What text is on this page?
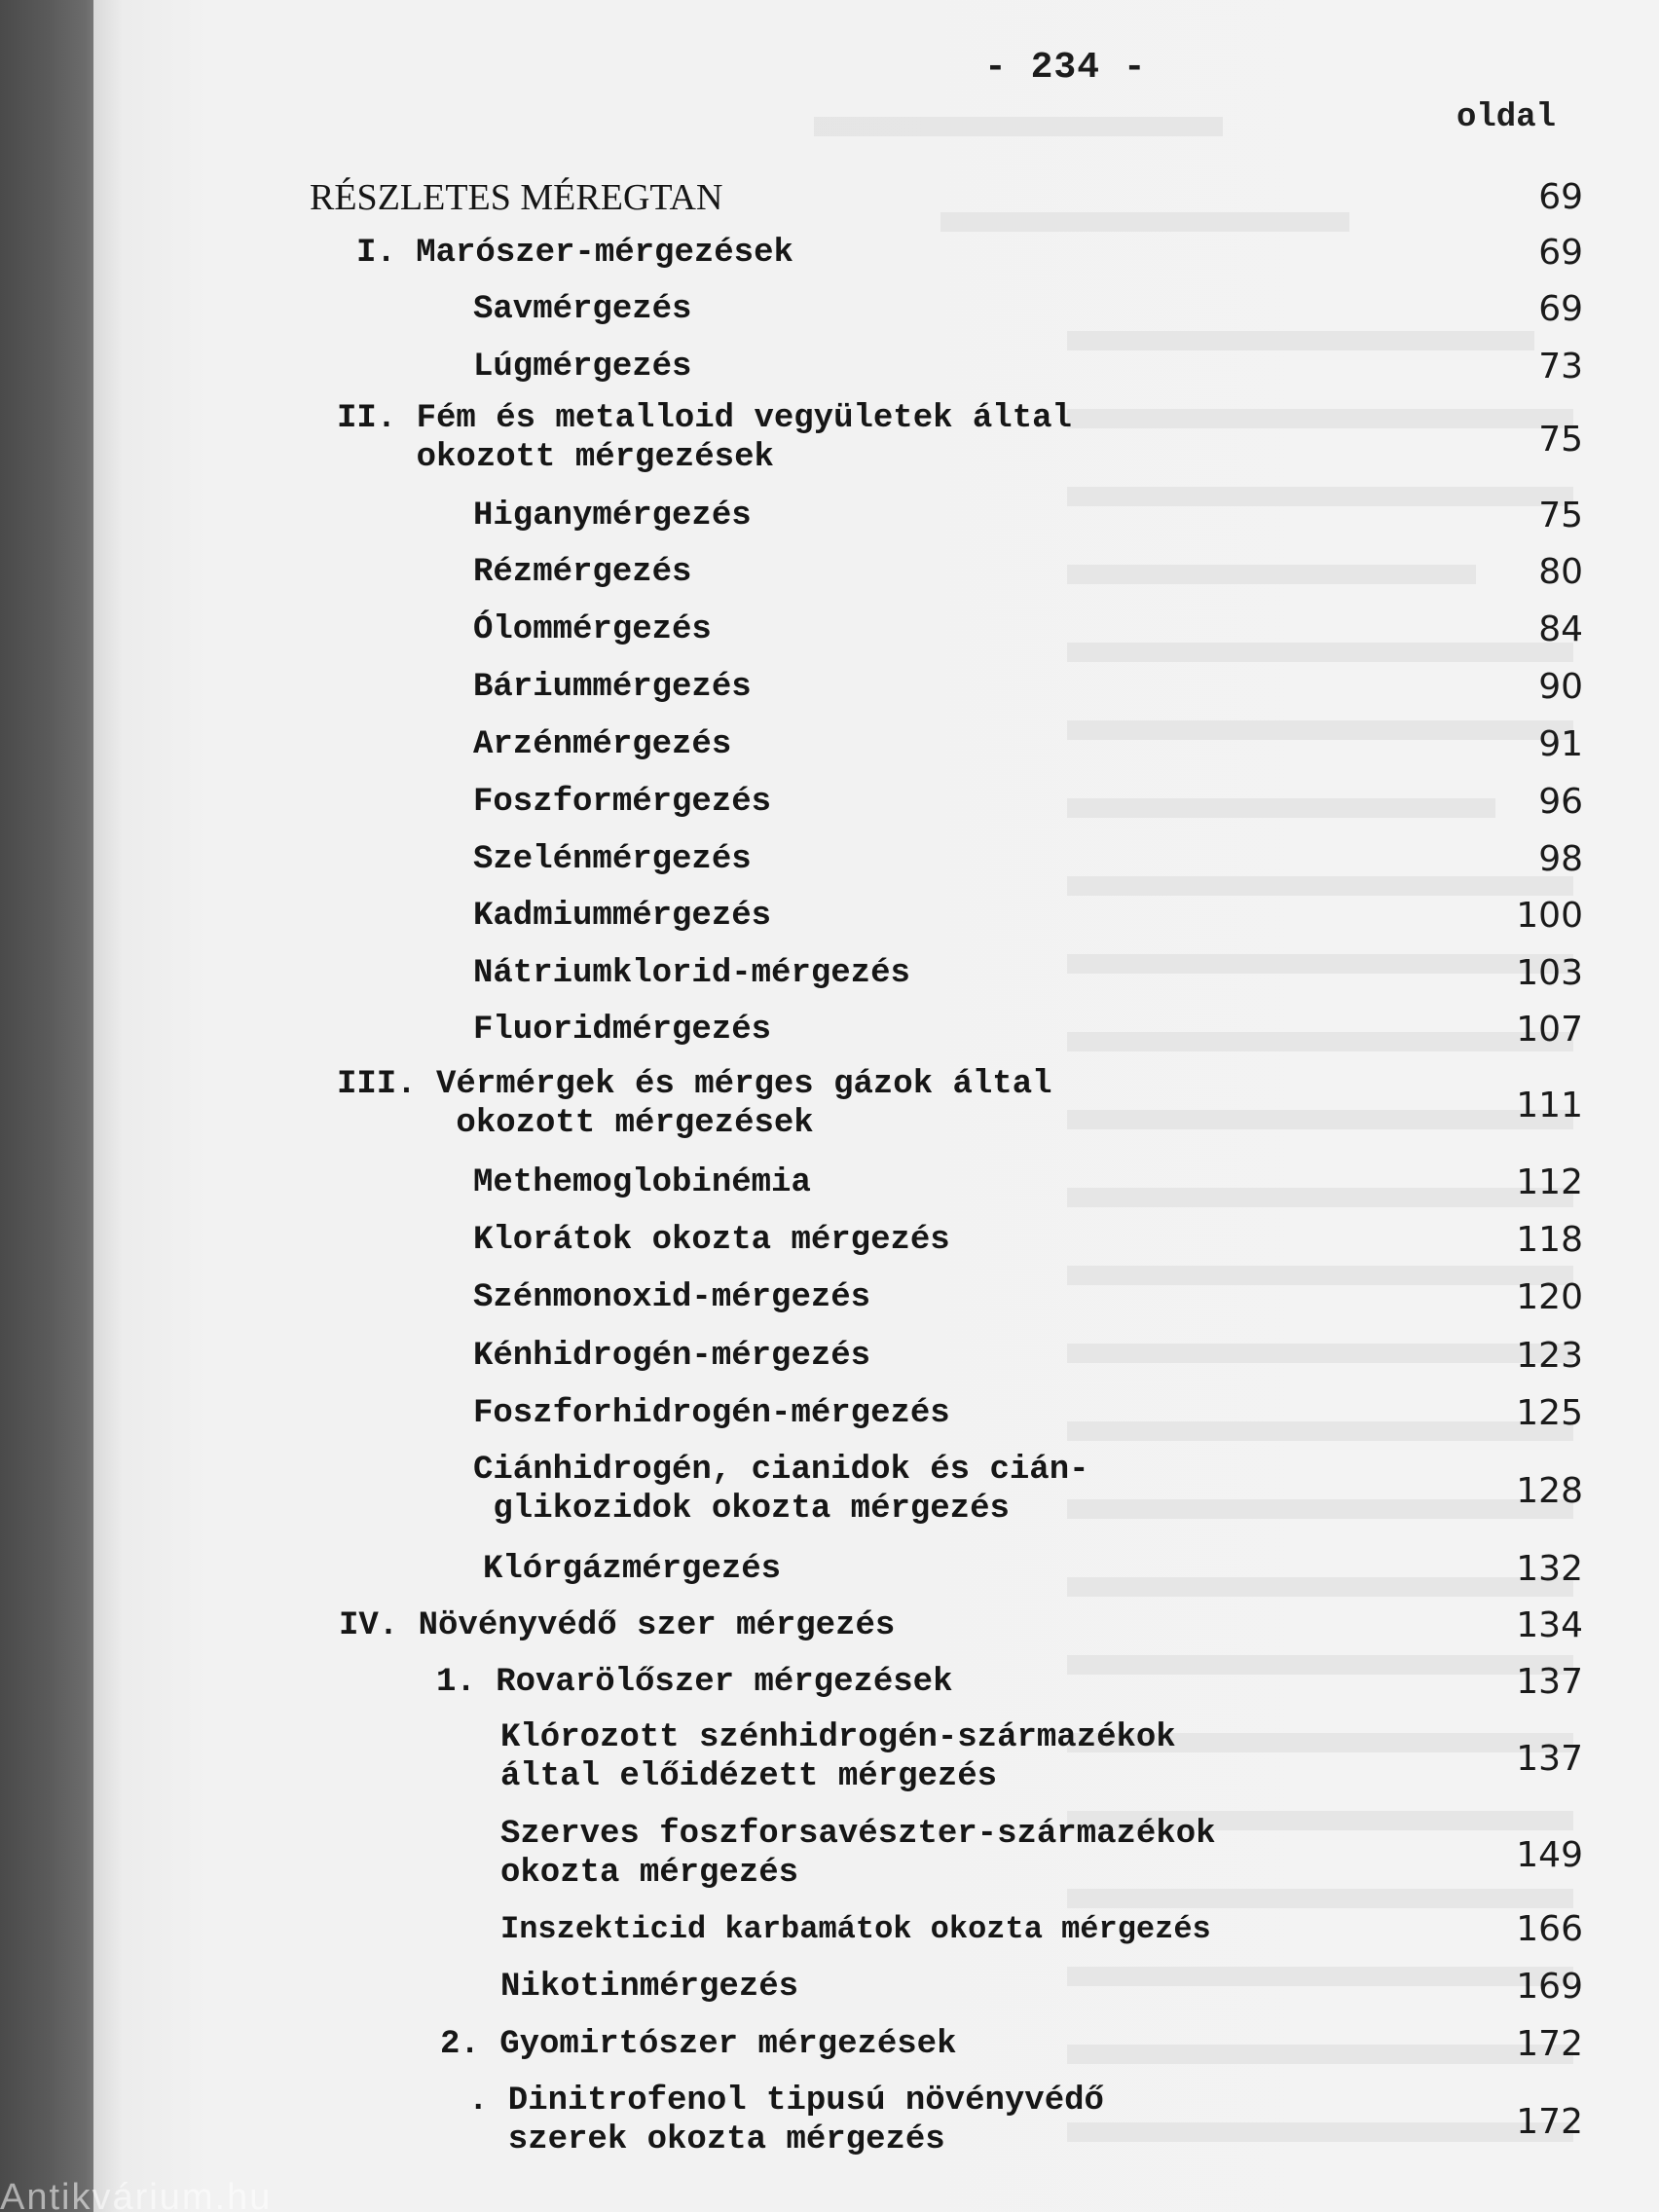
- 234 -
oldal
RÉSZLETES MÉREGTAN	69
I. Marószer-mérgezések	69
Savmérgezés	69
Lúgmérgezés	73
II. Fém és metalloid vegyületek által
okozott mérgezések	75
Higanymérgezés	75
Rézmérgezés	80
Ólommérgezés	84
Báriummérgezés	90
Arzénmérgezés	91
Foszformérgezés	96
Szelénmérgezés	98
Kadmiummérgezés	100
Nátriumklorid-mérgezés	103
Fluoridmérgezés	107
III. Vérmérgek és mérges gázok által
okozott mérgezések	111
Methemoglobinémia	112
Klorátok okozta mérgezés	118
Szénmonoxid-mérgezés	120
Kénhidrogén-mérgezés	123
Foszforhidrogén-mérgezés	125
Ciánhidrogén, cianidok és cián-
glikozidok okozta mérgezés	128
Klórgázmérgezés	132
IV. Növényvédő szer mérgezés	134
1. Rovarölőszer mérgezések	137
Klórozott szénhidrogén-származékok
által előidézett mérgezés	137
Szerves foszforsavészter-származékok
okozta mérgezés	149
Inszekticid karbamátok okozta mérgezés	166
Nikotinmérgezés	169
2. Gyomirtószer mérgezések	172
. Dinitrofenol tipusú növényvédő
szerek okozta mérgezés	172
Antikvárium.hu
